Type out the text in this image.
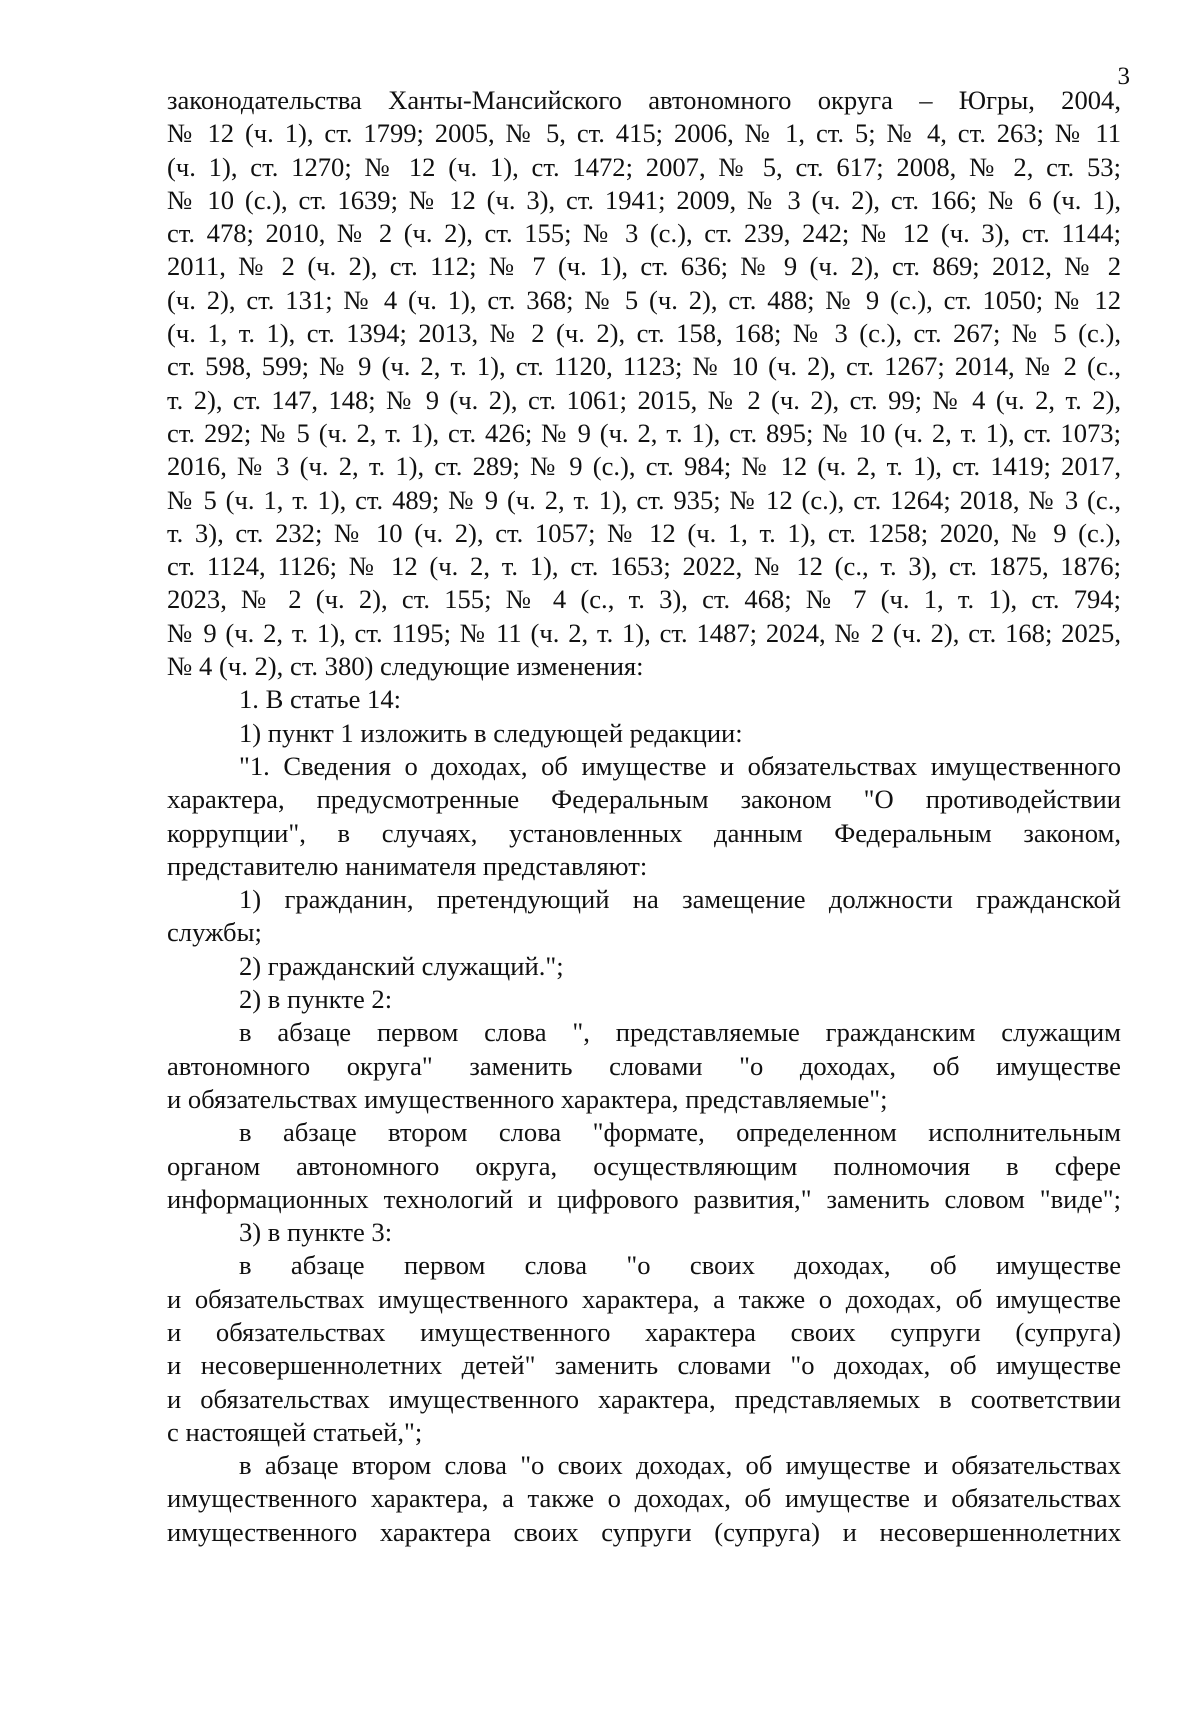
3
законодательства Ханты-Мансийского автономного округа – Югры, 2004,
№ 12 (ч. 1), ст. 1799; 2005, № 5, ст. 415; 2006, № 1, ст. 5; № 4, ст. 263; № 11
(ч. 1), ст. 1270; № 12 (ч. 1), ст. 1472; 2007, № 5, ст. 617; 2008, № 2, ст. 53;
№ 10 (с.), ст. 1639; № 12 (ч. 3), ст. 1941; 2009, № 3 (ч. 2), ст. 166; № 6 (ч. 1),
ст. 478; 2010, № 2 (ч. 2), ст. 155; № 3 (с.), ст. 239, 242; № 12 (ч. 3), ст. 1144;
2011, № 2 (ч. 2), ст. 112; № 7 (ч. 1), ст. 636; № 9 (ч. 2), ст. 869; 2012, № 2
(ч. 2), ст. 131; № 4 (ч. 1), ст. 368; № 5 (ч. 2), ст. 488; № 9 (с.), ст. 1050; № 12
(ч. 1, т. 1), ст. 1394; 2013, № 2 (ч. 2), ст. 158, 168; № 3 (с.), ст. 267; № 5 (с.),
ст. 598, 599; № 9 (ч. 2, т. 1), ст. 1120, 1123; № 10 (ч. 2), ст. 1267; 2014, № 2 (с.,
т. 2), ст. 147, 148; № 9 (ч. 2), ст. 1061; 2015, № 2 (ч. 2), ст. 99; № 4 (ч. 2, т. 2),
ст. 292; № 5 (ч. 2, т. 1), ст. 426; № 9 (ч. 2, т. 1), ст. 895; № 10 (ч. 2, т. 1), ст. 1073;
2016, № 3 (ч. 2, т. 1), ст. 289; № 9 (с.), ст. 984; № 12 (ч. 2, т. 1), ст. 1419; 2017,
№ 5 (ч. 1, т. 1), ст. 489; № 9 (ч. 2, т. 1), ст. 935; № 12 (с.), ст. 1264; 2018, № 3 (с.,
т. 3), ст. 232; № 10 (ч. 2), ст. 1057; № 12 (ч. 1, т. 1), ст. 1258; 2020, № 9 (с.),
ст. 1124, 1126; № 12 (ч. 2, т. 1), ст. 1653; 2022, № 12 (с., т. 3), ст. 1875, 1876;
2023, № 2 (ч. 2), ст. 155; № 4 (с., т. 3), ст. 468; № 7 (ч. 1, т. 1), ст. 794;
№ 9 (ч. 2, т. 1), ст. 1195; № 11 (ч. 2, т. 1), ст. 1487; 2024, № 2 (ч. 2), ст. 168; 2025,
№ 4 (ч. 2), ст. 380) следующие изменения:
1. В статье 14:
1) пункт 1 изложить в следующей редакции:
"1. Сведения о доходах, об имуществе и обязательствах имущественного
характера, предусмотренные Федеральным законом "О противодействии
коррупции", в случаях, установленных данным Федеральным законом,
представителю нанимателя представляют:
1) гражданин, претендующий на замещение должности гражданской
службы;
2) гражданский служащий.";
2) в пункте 2:
в абзаце первом слова ", представляемые гражданским служащим
автономного округа" заменить словами "о доходах, об имуществе
и обязательствах имущественного характера, представляемые";
в абзаце втором слова "формате, определенном исполнительным
органом автономного округа, осуществляющим полномочия в сфере
информационных технологий и цифрового развития," заменить словом "виде";
3) в пункте 3:
в абзаце первом слова "о своих доходах, об имуществе
и обязательствах имущественного характера, а также о доходах, об имуществе
и обязательствах имущественного характера своих супруги (супруга)
и несовершеннолетних детей" заменить словами "о доходах, об имуществе
и обязательствах имущественного характера, представляемых в соответствии
с настоящей статьей,";
в абзаце втором слова "о своих доходах, об имуществе и обязательствах
имущественного характера, а также о доходах, об имуществе и обязательствах
имущественного характера своих супруги (супруга) и несовершеннолетних
